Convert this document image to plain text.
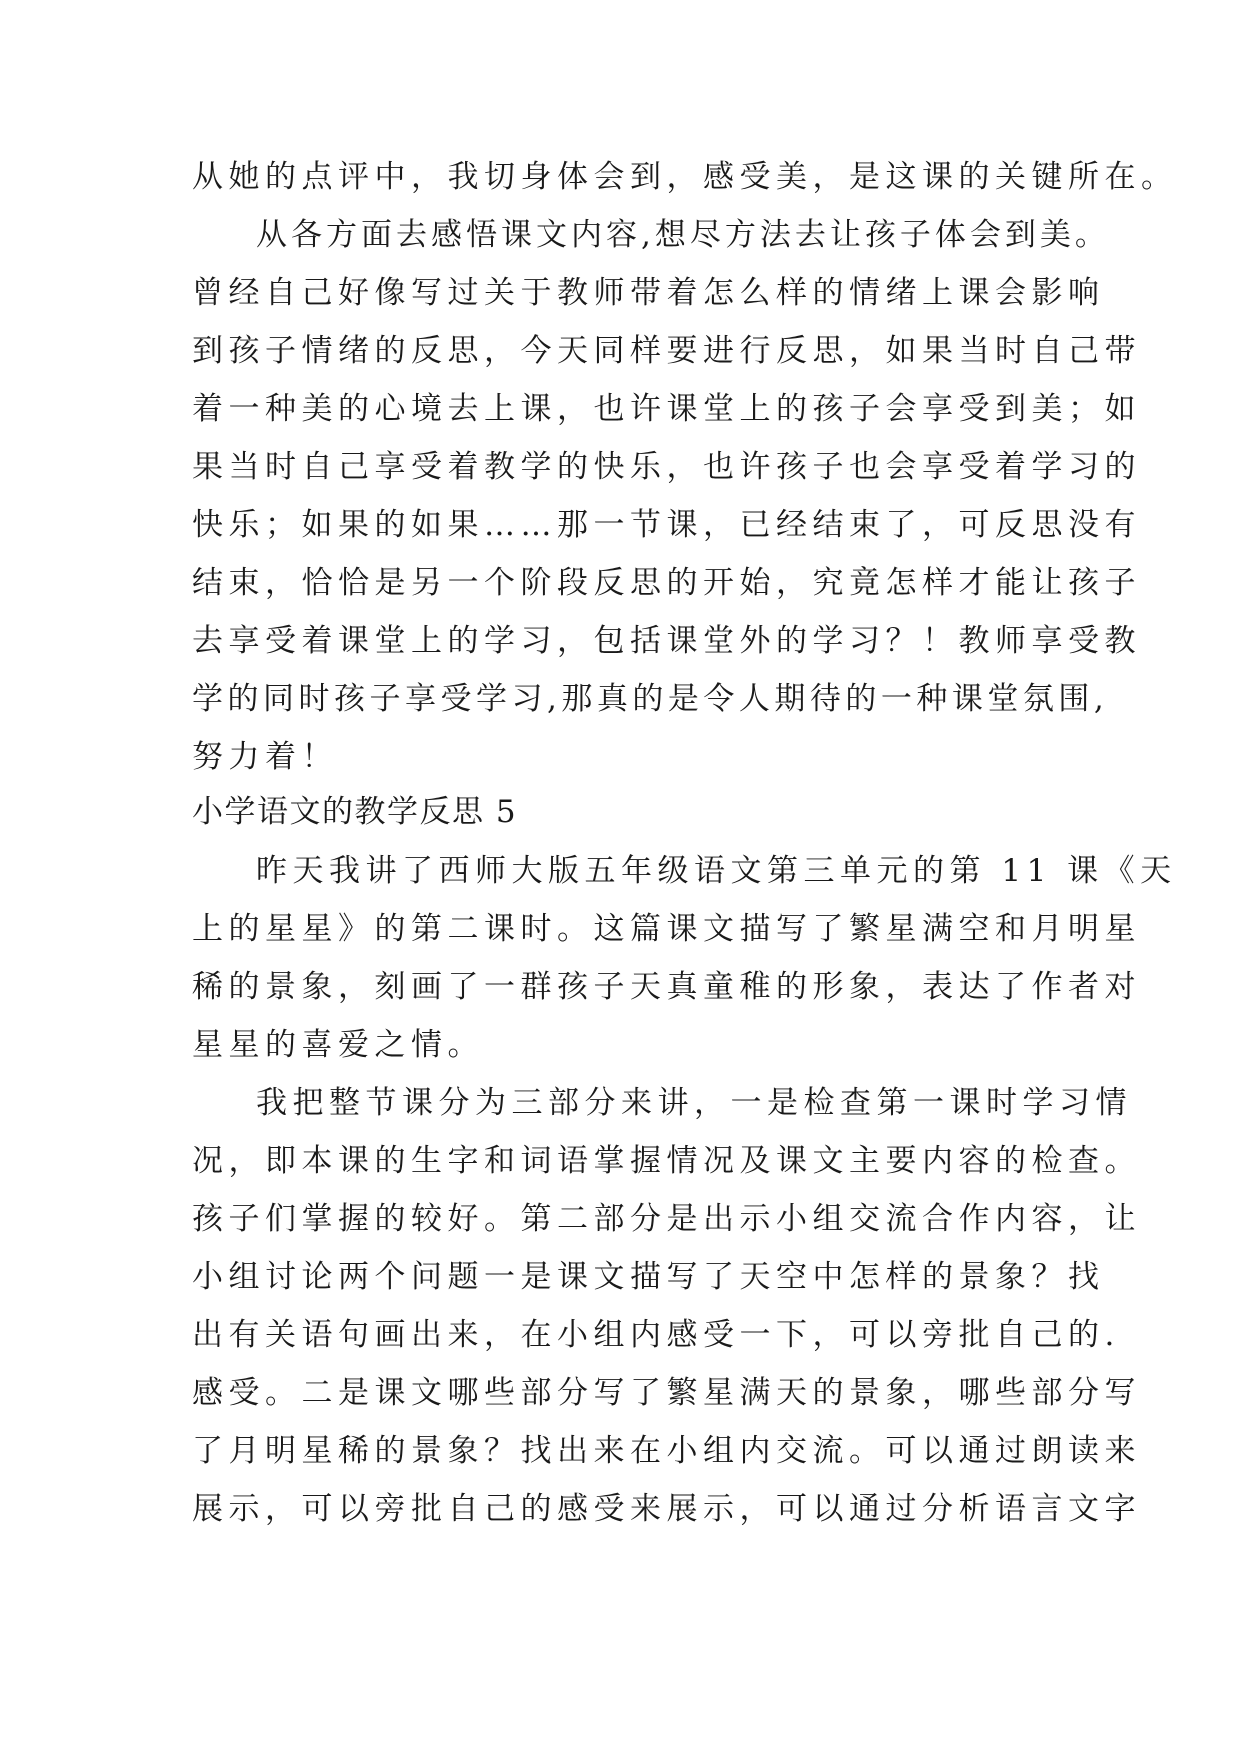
从她的点评中，我切身体会到，感受美，是这课的关键所在。

从各方面去感悟课文内容,想尽方法去让孩子体会到美。

曾经自己好像写过关于教师带着怎么样的情绪上课会影响

到孩子情绪的反思，今天同样要进行反思，如果当时自己带

着一种美的心境去上课，也许课堂上的孩子会享受到美；如

果当时自己享受着教学的快乐，也许孩子也会享受着学习的

快乐；如果的如果……那一节课，已经结束了，可反思没有

结束，恰恰是另一个阶段反思的开始，究竟怎样才能让孩子

去享受着课堂上的学习，包括课堂外的学习？！教师享受教

学的同时孩子享受学习,那真的是令人期待的一种课堂氛围,

努力着！

小学语文的教学反思 5

昨天我讲了西师大版五年级语文第三单元的第 11 课《天

上的星星》的第二课时。这篇课文描写了繁星满空和月明星

稀的景象，刻画了一群孩子天真童稚的形象，表达了作者对

星星的喜爱之情。

我把整节课分为三部分来讲，一是检查第一课时学习情

况，即本课的生字和词语掌握情况及课文主要内容的检查。

孩子们掌握的较好。第二部分是出示小组交流合作内容，让

小组讨论两个问题一是课文描写了天空中怎样的景象？找

出有关语句画出来，在小组内感受一下，可以旁批自己的.

感受。二是课文哪些部分写了繁星满天的景象，哪些部分写

了月明星稀的景象？找出来在小组内交流。可以通过朗读来

展示，可以旁批自己的感受来展示，可以通过分析语言文字
